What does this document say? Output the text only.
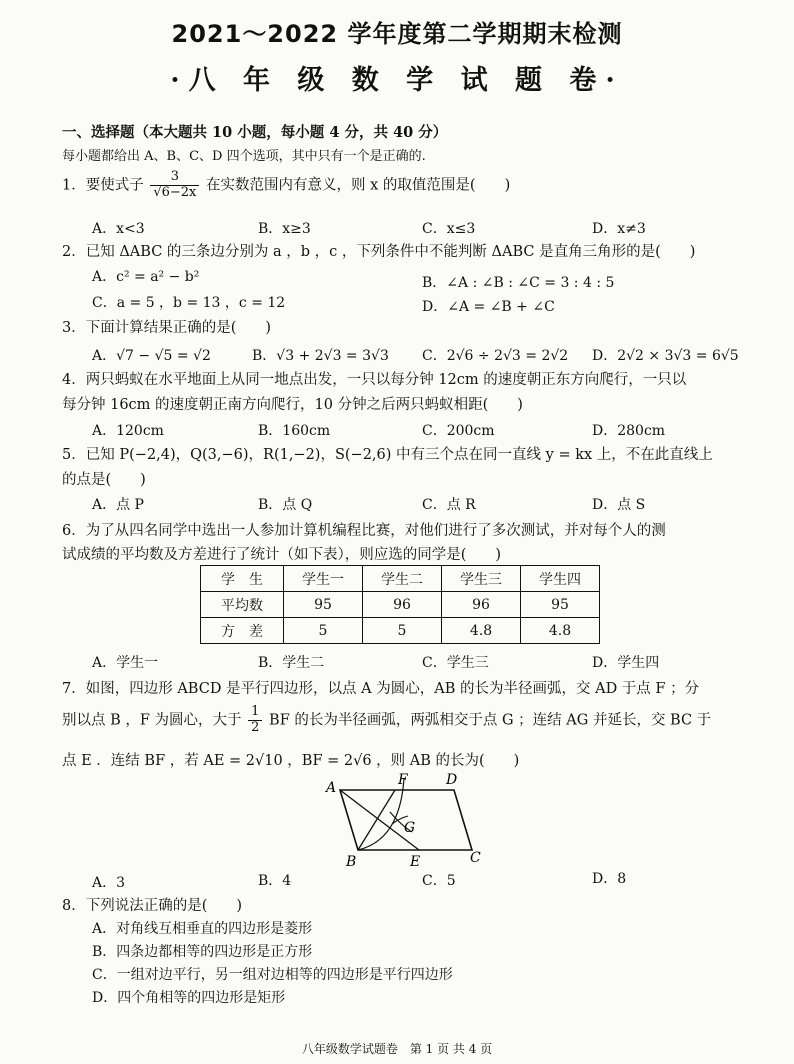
2021～2022 学年度第二学期期末检测
·八 年 级 数 学 试 题 卷·
一、选择题（本大题共 10 小题，每小题 4 分，共 40 分）
每小题都给出 A、B、C、D 四个选项，其中只有一个是正确的.
1．要使式子 $\frac{3}{√6-2x}$ 在实数范围内有意义，则 x 的取值范围是(　　)
A．x<3	B．x≥3	C．x≤3	D．x≠3
2．已知 ΔABC 的三条边分别为 a ，b ，c ，下列条件中不能判断 ΔABC 是直角三角形的是(　　)
A．c² = a² − b²	B．∠A : ∠B : ∠C = 3 : 4 : 5
C．a = 5 ，b = 13 ，c = 12	D．∠A = ∠B + ∠C
3．下面计算结果正确的是(　　)
A．√7 − √5 = √2	B．√3 + 2√3 = 3√3 C．2√6 ÷ 2√3 = 2√2 D．2√2 × 3√3 = 6√5
4．两只蚂蚁在水平地面上从同一地点出发，一只以每分钟 12cm 的速度朝正东方向爬行，一只以
每分钟 16cm 的速度朝正南方向爬行，10 分钟之后两只蚂蚁相距(　　)
A．120cm	B．160cm	C．200cm	D．280cm
5．已知 P(−2,4)，Q(3,−6)，R(1,−2)，S(−2,6) 中有三个点在同一直线 y = kx 上，不在此直线上
的点是(　　)
A．点 P	B．点 Q	C．点 R	D．点 S
6．为了从四名同学中选出一人参加计算机编程比赛，对他们进行了多次测试，并对每个人的测
试成绩的平均数及方差进行了统计（如下表），则应选的同学是(　　)
学　生	学生一	学生二	学生三	学生四
平均数	95	96	96	95
方　差	5	5	4.8	4.8
A．学生一	B．学生二	C．学生三	D．学生四
7．如图，四边形 ABCD 是平行四边形，以点 A 为圆心，AB 的长为半径画弧，交 AD 于点 F ；分
别以点 B ，F 为圆心，大于 $\frac{1}{2}$ BF 的长为半径画弧，两弧相交于点 G ；连结 AG 并延长，交 BC 于
点 E ．连结 BF ，若 AE = 2√10 ，BF = 2√6 ，则 AB 的长为(　　)
A	F	D
G
B	E	C
A．3	B．4	C．5	D．8
8．下列说法正确的是(　　)
A．对角线互相垂直的四边形是菱形
B．四条边都相等的四边形是正方形
C．一组对边平行，另一组对边相等的四边形是平行四边形
D．四个角相等的四边形是矩形
八年级数学试题卷　第 1 页 共 4 页
